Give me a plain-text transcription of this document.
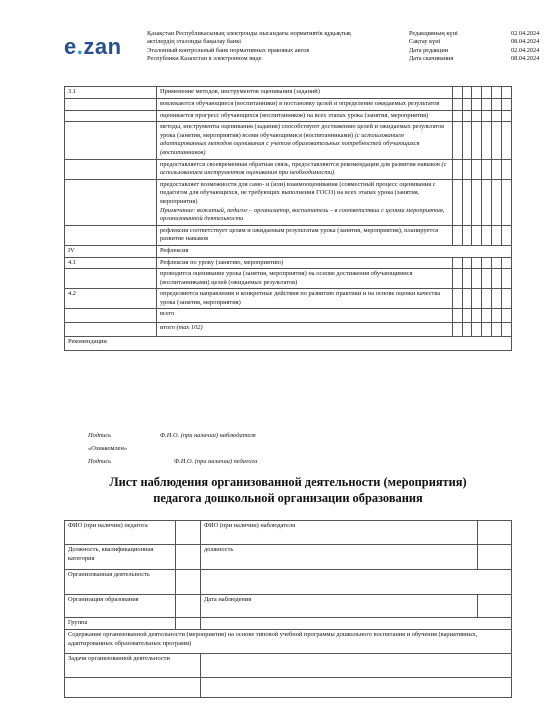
e.zan
Қазақстан Республикасының электронды нысандағы нормативтік құқықтық
актілердің эталонды бақылау банкі
Эталонный контрольный банк нормативных правовых актов
Республики Казахстан в электронном виде
Редакцияның күні	02.04.2024
Сақтау күні	08.04.2024
Дата редакции	02.04.2024
Дата скачивания	08.04.2024
3.1	Применение методов, инструментов оценивания (заданий)						
	вовлекаются обучающиеся (воспитанники) в постановку целей и определение ожидаемых результатов						
	оценивается прогресс обучающихся (воспитанников) на всех этапах урока (занятия, мероприятия)						
	методы, инструменты оценивания (задания) способствуют достижению целей и ожидаемых результатов урока (занятия, мероприятия) всеми обучающимися (воспитанниками) (с использованием адаптированных методов оценивания с учетом образовательных потребностей обучающихся (воспитанников)						
	предоставляется своевременная обратная связь, предоставляются рекомендации для развития навыков (с использованием инструментов оценивания при необходимости)						
	предоставляет возможности для само- и (или) взаимооценивания (совместный процесс оценивания с педагогом для обучающихся, не требующих выполнения ГОСО) на всех этапах урока (занятия, мероприятия)
Примечание: вожатый, педагог – организатор, воспитатель – в соответствии с целями мероприятия, организованной деятельности						
	рефлексия соответствует целям и ожидаемым результатам урока (занятия, мероприятия), планируется развитие навыков						
IV	Рефлексия						
4.1	Рефлексия по уроку (занятию, мероприятию)						
	проводится оценивание урока (занятия, мероприятия) на основе достижения обучающимися (воспитанниками) целей (ожидаемых результатов)						
4.2	определяются направления и конкретные действия по развитию практики и на основе оценки качества урока (занятия, мероприятия)						
	всего						
	итого (max 102)						
Рекомендации							
Подпись	Ф.И.О. (при наличии) наблюдателя
«Ознакомлен»
Подпись	Ф.И.О. (при наличии) педагога
Лист наблюдения организованной деятельности (мероприятия)
педагога дошкольной организации образования
ФИО (при наличии) педагога		ФИО (при наличии) наблюдателя	
Должность, квалификационная категория		должность	
Организованная деятельность			
Организация образования		Дата наблюдения	
Группа			
Содержание организованной деятельности (мероприятия) на основе типовой учебной программы дошкольного воспитания и обучения (вариативных, адаптированных образовательных программ)			
Задачи организованной деятельности			
